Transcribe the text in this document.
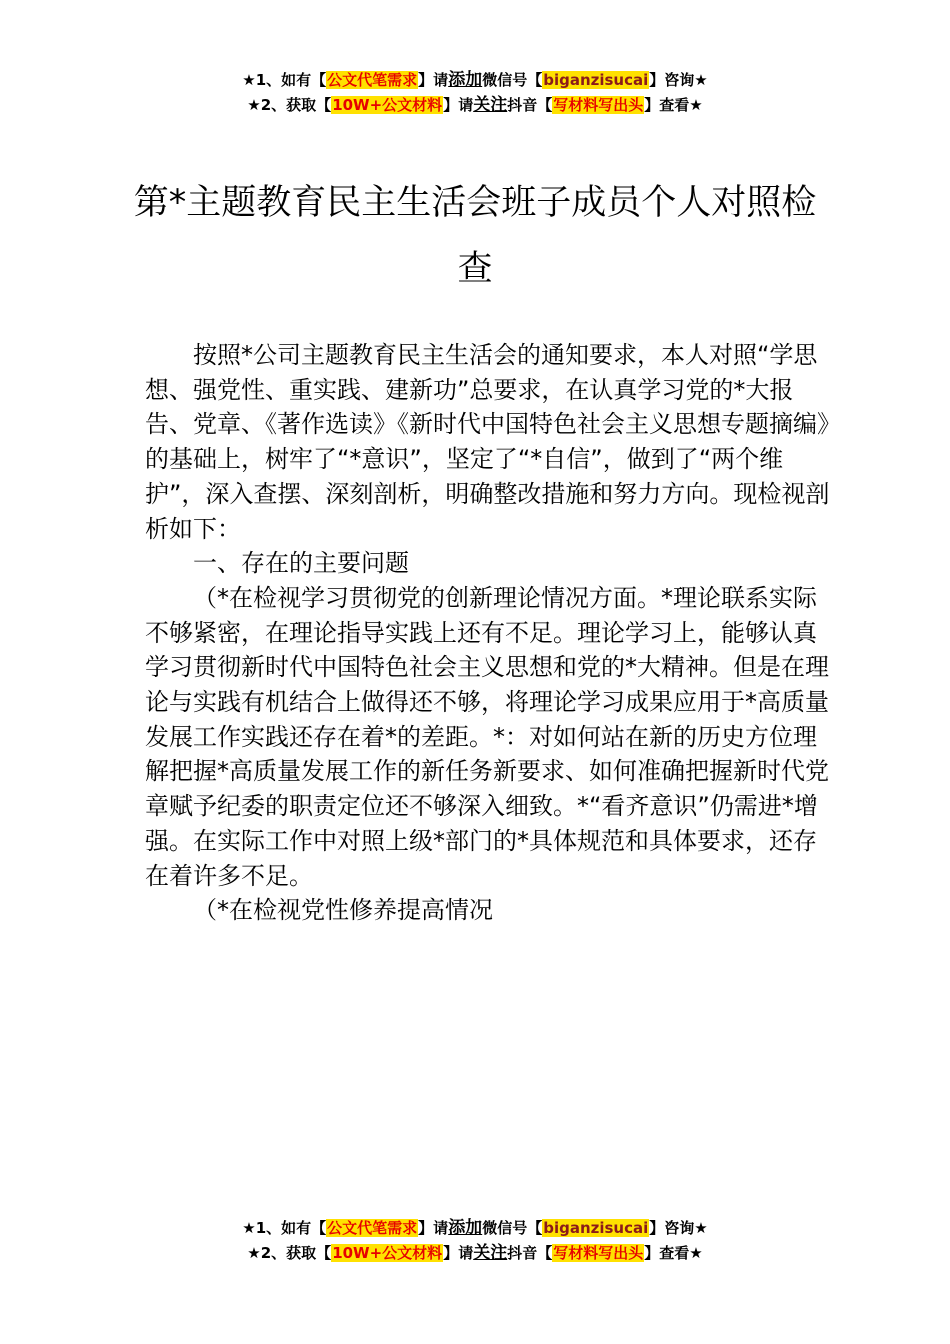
★1、如有【公文代笔需求】请添加微信号【biganzisucai】咨询★
★2、获取【10W+公文材料】请关注抖音【写材料写出头】查看★
第*主题教育民主生活会班子成员个人对照检查

按照*公司主题教育民主生活会的通知要求，本人对照“学思想、强党性、重实践、建新功”总要求，在认真学习党的*大报告、党章、《著作选读》《新时代中国特色社会主义思想专题摘编》的基础上，树牢了“*意识”，坚定了“*自信”，做到了“两个维护”，深入查摆、深刻剖析，明确整改措施和努力方向。现检视剖析如下：

一、存在的主要问题

（*在检视学习贯彻党的创新理论情况方面。*理论联系实际不够紧密，在理论指导实践上还有不足。理论学习上，能够认真学习贯彻新时代中国特色社会主义思想和党的*大精神。但是在理论与实践有机结合上做得还不够，将理论学习成果应用于*高质量发展工作实践还存在着*的差距。*：对如何站在新的历史方位理解把握*高质量发展工作的新任务新要求、如何准确把握新时代党章赋予纪委的职责定位还不够深入细致。*“看齐意识”仍需进*增强。在实际工作中对照上级*部门的*具体规范和具体要求，还存在着许多不足。

（*在检视党性修养提高情况

★1、如有【公文代笔需求】请添加微信号【biganzisucai】咨询★
★2、获取【10W+公文材料】请关注抖音【写材料写出头】查看★
